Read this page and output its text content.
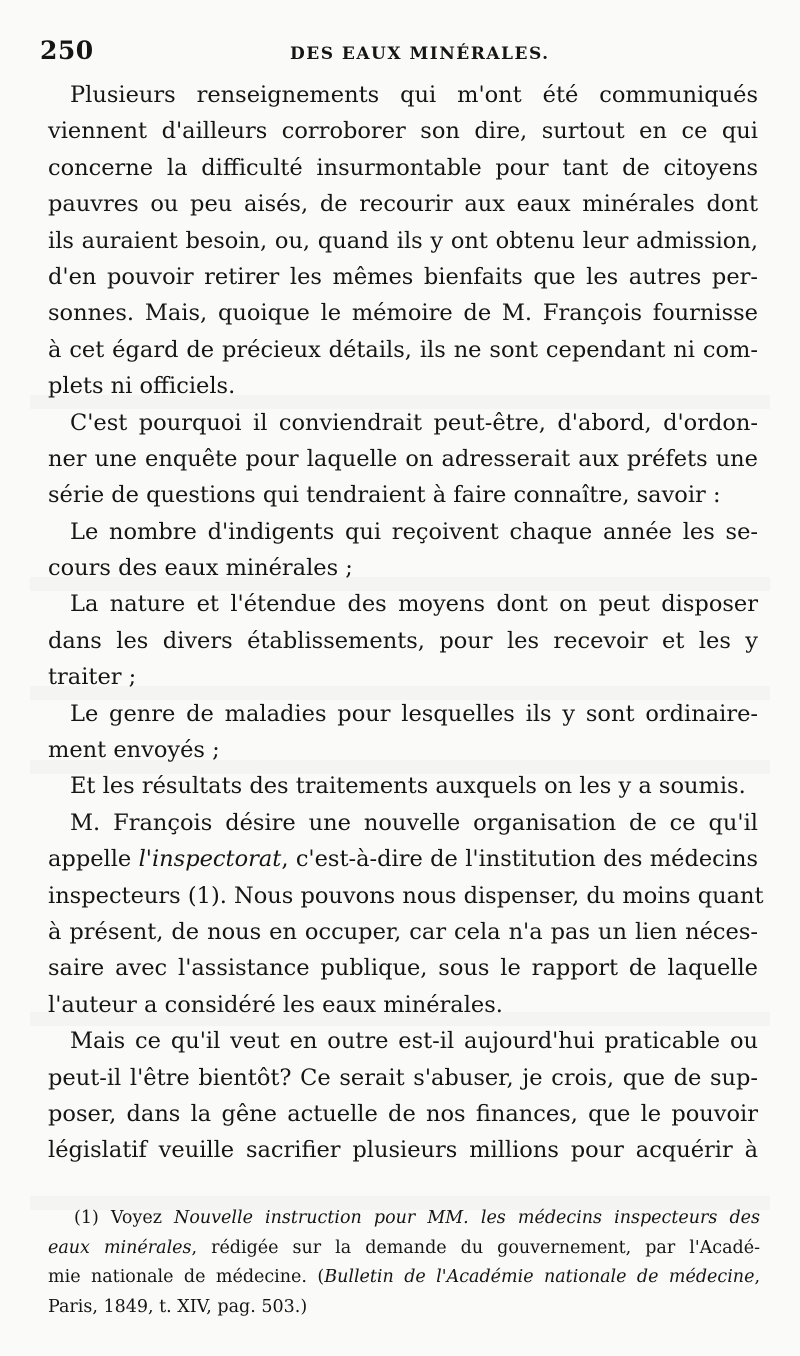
250	DES EAUX MINÉRALES.
Plusieurs renseignements qui m'ont été communiqués
viennent d'ailleurs corroborer son dire, surtout en ce qui
concerne la difficulté insurmontable pour tant de citoyens
pauvres ou peu aisés, de recourir aux eaux minérales dont
ils auraient besoin, ou, quand ils y ont obtenu leur admission,
d'en pouvoir retirer les mêmes bienfaits que les autres per-
sonnes. Mais, quoique le mémoire de M. François fournisse
à cet égard de précieux détails, ils ne sont cependant ni com-
plets ni officiels.
C'est pourquoi il conviendrait peut-être, d'abord, d'ordon-
ner une enquête pour laquelle on adresserait aux préfets une
série de questions qui tendraient à faire connaître, savoir :
Le nombre d'indigents qui reçoivent chaque année les se-
cours des eaux minérales ;
La nature et l'étendue des moyens dont on peut disposer
dans les divers établissements, pour les recevoir et les y
traiter ;
Le genre de maladies pour lesquelles ils y sont ordinaire-
ment envoyés ;
Et les résultats des traitements auxquels on les y a soumis.
M. François désire une nouvelle organisation de ce qu'il
appelle l'inspectorat, c'est-à-dire de l'institution des médecins
inspecteurs (1). Nous pouvons nous dispenser, du moins quant
à présent, de nous en occuper, car cela n'a pas un lien néces-
saire avec l'assistance publique, sous le rapport de laquelle
l'auteur a considéré les eaux minérales.
Mais ce qu'il veut en outre est-il aujourd'hui praticable ou
peut-il l'être bientôt? Ce serait s'abuser, je crois, que de sup-
poser, dans la gêne actuelle de nos finances, que le pouvoir
législatif veuille sacrifier plusieurs millions pour acquérir à
(1) Voyez Nouvelle instruction pour MM. les médecins inspecteurs des
eaux minérales, rédigée sur la demande du gouvernement, par l'Acadé-
mie nationale de médecine. (Bulletin de l'Académie nationale de médecine,
Paris, 1849, t. XIV, pag. 503.)
